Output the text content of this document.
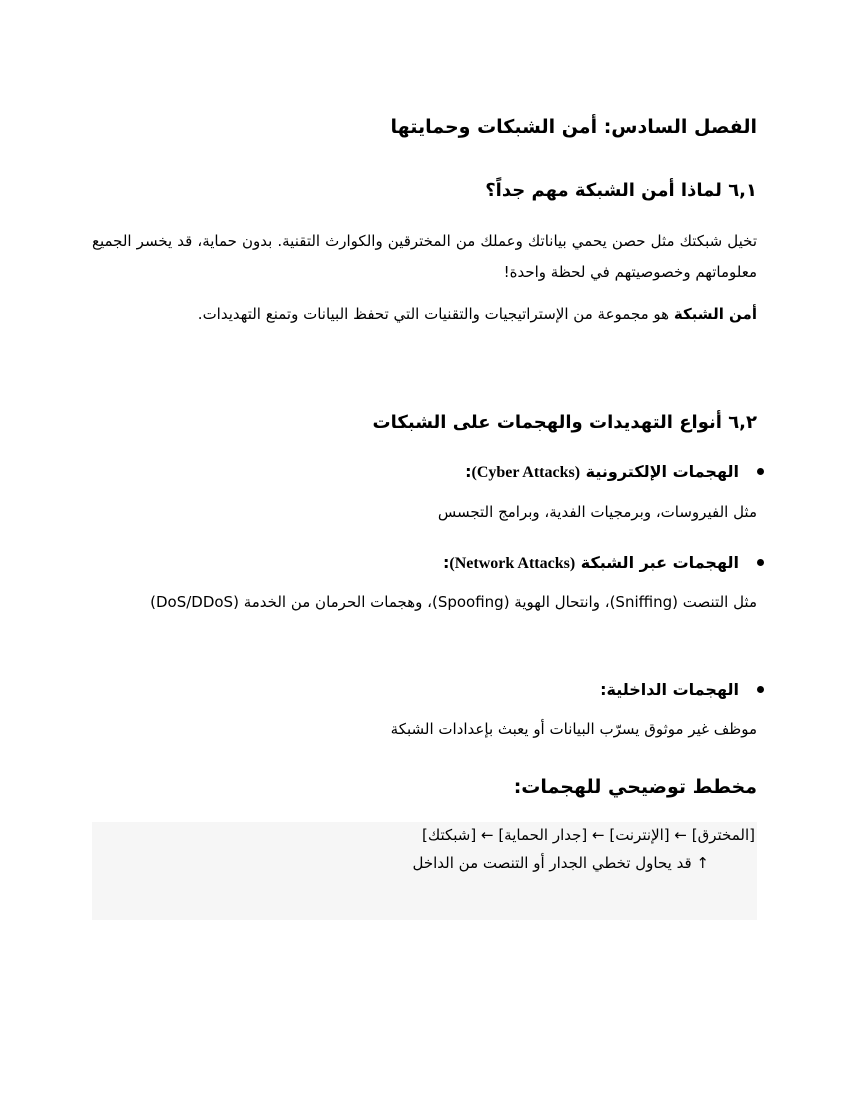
الفصل السادس: أمن الشبكات وحمايتها
٦,١ لماذا أمن الشبكة مهم جداً؟
تخيل شبكتك مثل حصن يحمي بياناتك وعملك من المخترقين والكوارث التقنية. بدون حماية، قد يخسر الجميع معلوماتهم وخصوصيتهم في لحظة واحدة!
أمن الشبكة هو مجموعة من الإستراتيجيات والتقنيات التي تحفظ البيانات وتمنع التهديدات.
٦,٢ أنواع التهديدات والهجمات على الشبكات
الهجمات الإلكترونية (Cyber Attacks):
مثل الفيروسات، وبرمجيات الفدية، وبرامج التجسس
الهجمات عبر الشبكة (Network Attacks):
مثل التنصت (Sniffing)، وانتحال الهوية (Spoofing)، وهجمات الحرمان من الخدمة (DoS/DDoS)
الهجمات الداخلية:
موظف غير موثوق يسرّب البيانات أو يعبث بإعدادات الشبكة
مخطط توضيحي للهجمات:
[المخترق] ← [الإنترنت] ← [جدار الحماية] ← [شبكتك]
↑ قد يحاول تخطي الجدار أو التنصت من الداخل
